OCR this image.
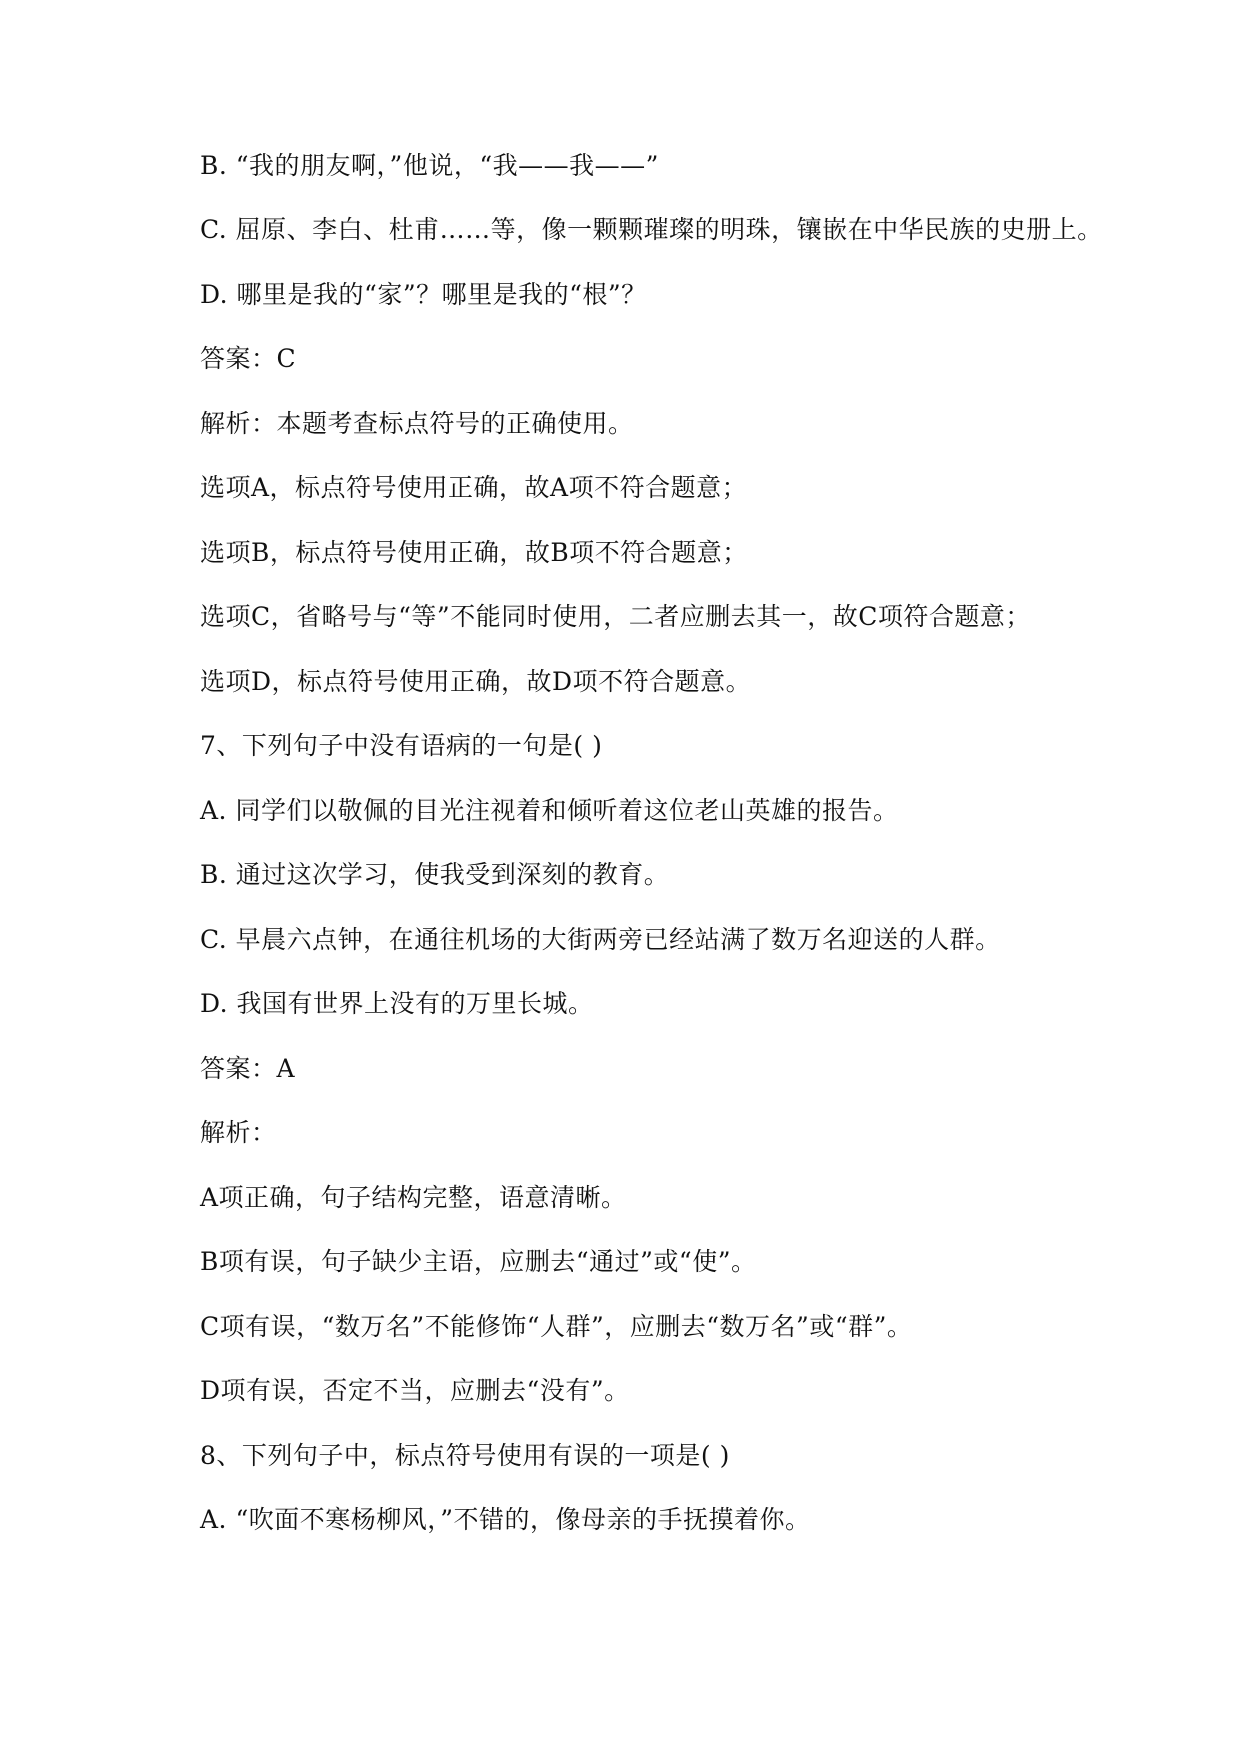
B. “我的朋友啊，”他说，“我——我——”
C. 屈原、李白、杜甫……等，像一颗颗璀璨的明珠，镶嵌在中华民族的史册上。
D. 哪里是我的“家”？哪里是我的“根”？
答案：C
解析：本题考查标点符号的正确使用。
选项A，标点符号使用正确，故A项不符合题意；
选项B，标点符号使用正确，故B项不符合题意；
选项C，省略号与“等”不能同时使用，二者应删去其一，故C项符合题意；
选项D，标点符号使用正确，故D项不符合题意。
7、下列句子中没有语病的一句是( )
A. 同学们以敬佩的目光注视着和倾听着这位老山英雄的报告。
B. 通过这次学习，使我受到深刻的教育。
C. 早晨六点钟，在通往机场的大街两旁已经站满了数万名迎送的人群。
D. 我国有世界上没有的万里长城。
答案：A
解析：
A项正确，句子结构完整，语意清晰。
B项有误，句子缺少主语，应删去“通过”或“使”。
C项有误，“数万名”不能修饰“人群”，应删去“数万名”或“群”。
D项有误，否定不当，应删去“没有”。
8、下列句子中，标点符号使用有误的一项是( )
A. “吹面不寒杨柳风，”不错的，像母亲的手抚摸着你。
